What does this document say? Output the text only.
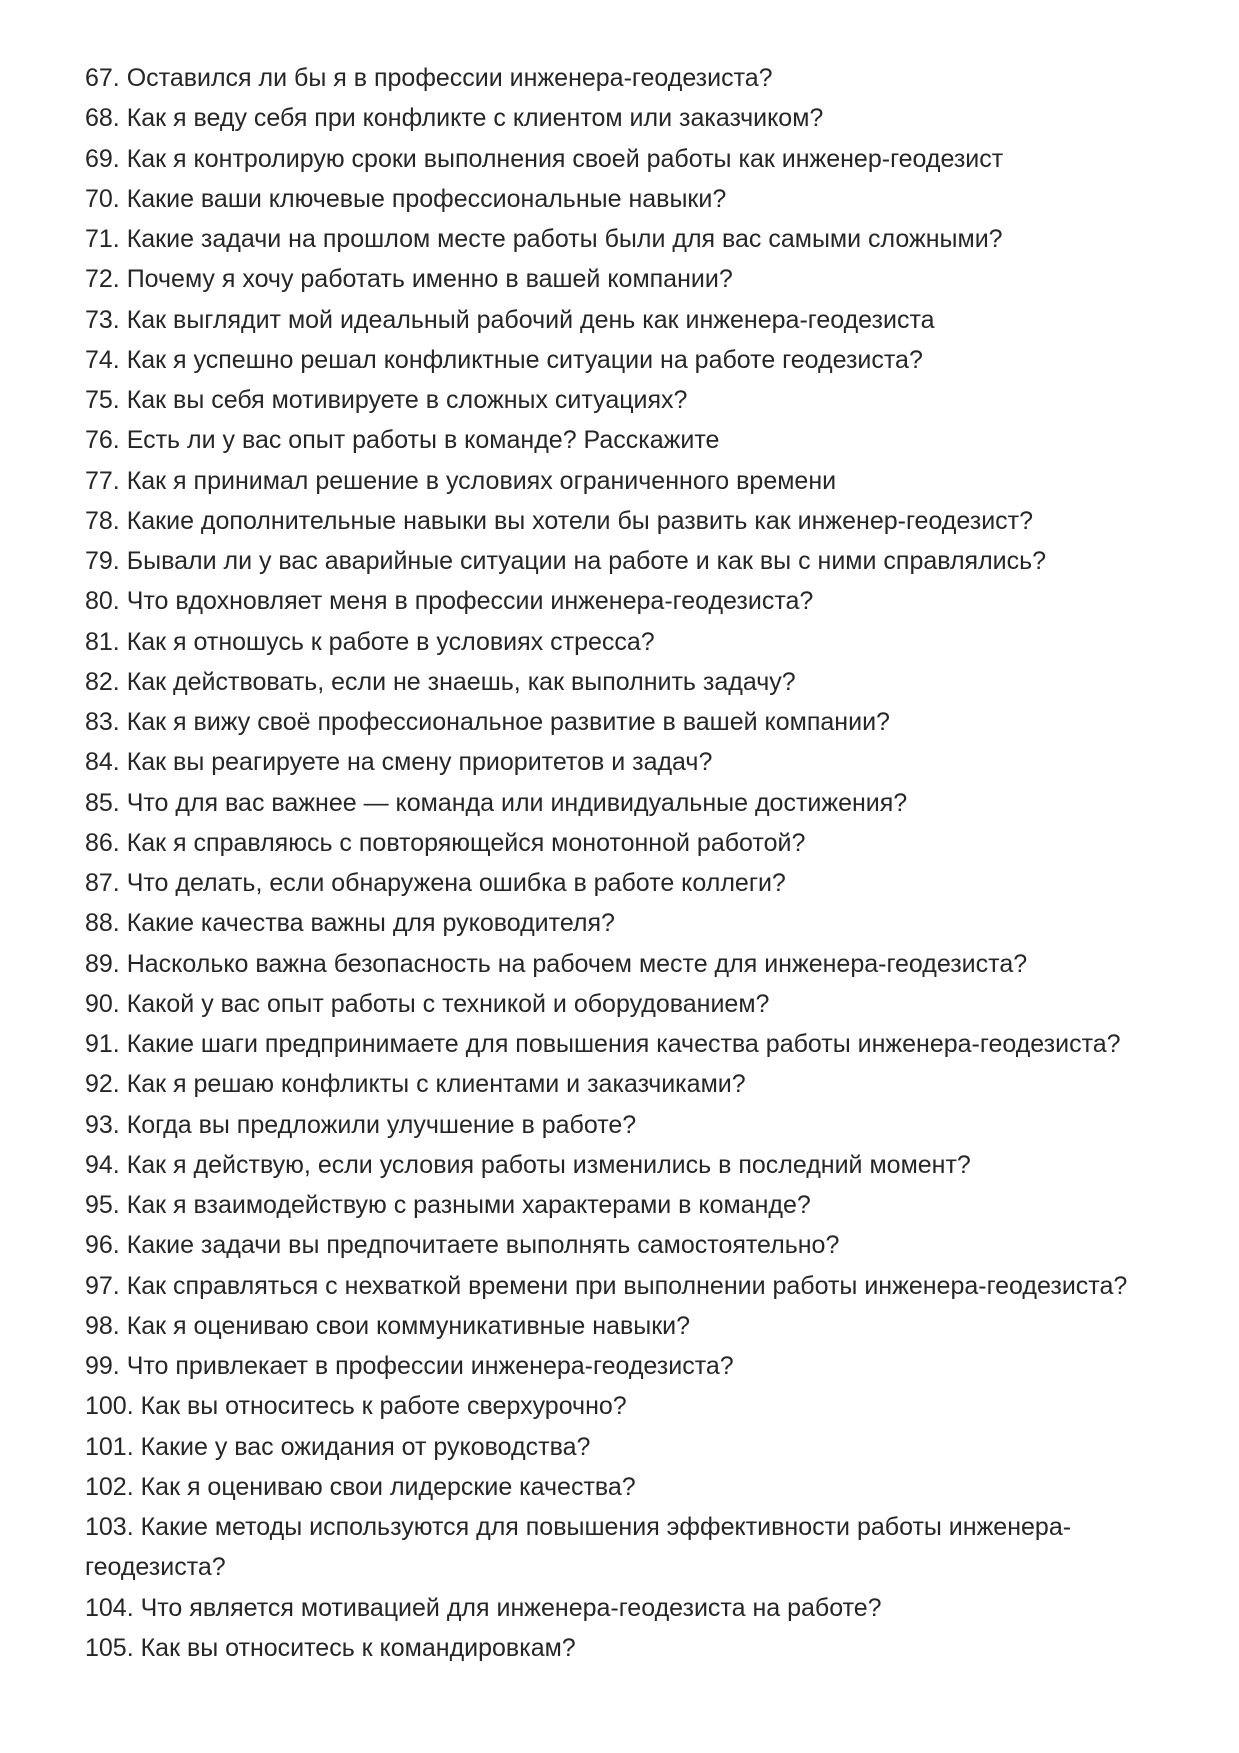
67. Оставился ли бы я в профессии инженера-геодезиста?

68. Как я веду себя при конфликте с клиентом или заказчиком?

69. Как я контролирую сроки выполнения своей работы как инженер-геодезист

70. Какие ваши ключевые профессиональные навыки?

71. Какие задачи на прошлом месте работы были для вас самыми сложными?

72. Почему я хочу работать именно в вашей компании?

73. Как выглядит мой идеальный рабочий день как инженера-геодезиста

74. Как я успешно решал конфликтные ситуации на работе геодезиста?

75. Как вы себя мотивируете в сложных ситуациях?

76. Есть ли у вас опыт работы в команде? Расскажите

77. Как я принимал решение в условиях ограниченного времени

78. Какие дополнительные навыки вы хотели бы развить как инженер-геодезист?

79. Бывали ли у вас аварийные ситуации на работе и как вы с ними справлялись?

80. Что вдохновляет меня в профессии инженера-геодезиста?

81. Как я отношусь к работе в условиях стресса?

82. Как действовать, если не знаешь, как выполнить задачу?

83. Как я вижу своё профессиональное развитие в вашей компании?

84. Как вы реагируете на смену приоритетов и задач?

85. Что для вас важнее — команда или индивидуальные достижения?

86. Как я справляюсь с повторяющейся монотонной работой?

87. Что делать, если обнаружена ошибка в работе коллеги?

88. Какие качества важны для руководителя?

89. Насколько важна безопасность на рабочем месте для инженера-геодезиста?

90. Какой у вас опыт работы с техникой и оборудованием?

91. Какие шаги предпринимаете для повышения качества работы инженера-геодезиста?

92. Как я решаю конфликты с клиентами и заказчиками?

93. Когда вы предложили улучшение в работе?

94. Как я действую, если условия работы изменились в последний момент?

95. Как я взаимодействую с разными характерами в команде?

96. Какие задачи вы предпочитаете выполнять самостоятельно?

97. Как справляться с нехваткой времени при выполнении работы инженера-геодезиста?

98. Как я оцениваю свои коммуникативные навыки?

99. Что привлекает в профессии инженера-геодезиста?

100. Как вы относитесь к работе сверхурочно?

101. Какие у вас ожидания от руководства?

102. Как я оцениваю свои лидерские качества?

103. Какие методы используются для повышения эффективности работы инженера-геодезиста?

104. Что является мотивацией для инженера-геодезиста на работе?

105. Как вы относитесь к командировкам?
